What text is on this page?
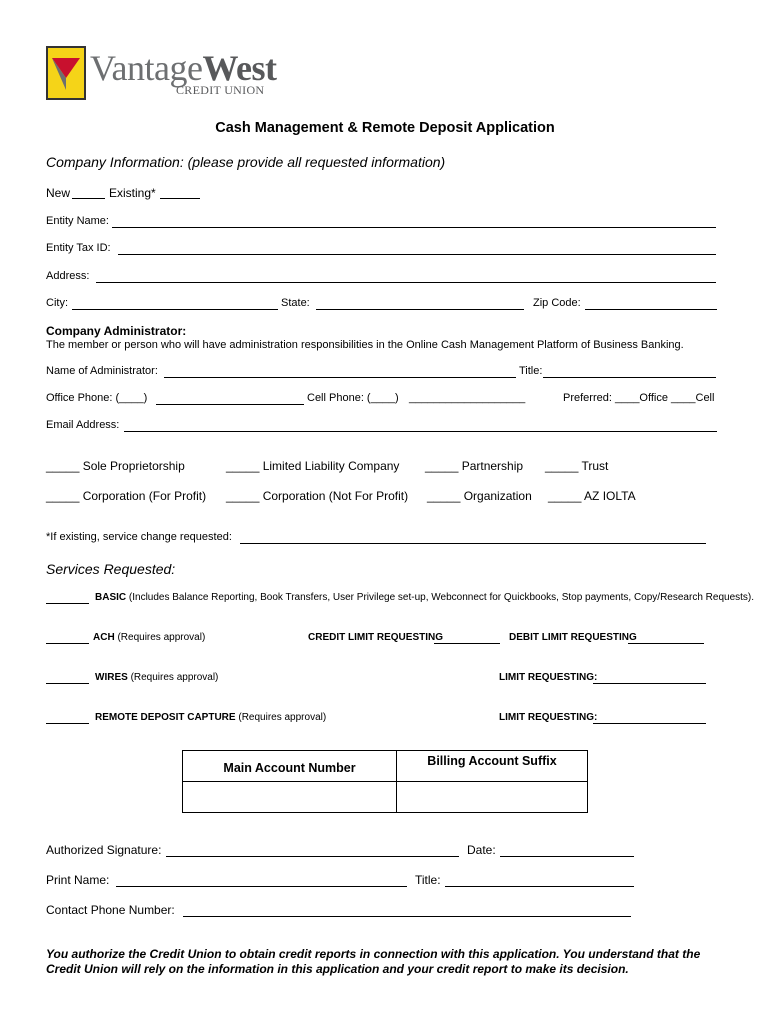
VantageWest
CREDIT UNION
Cash Management & Remote Deposit Application
Company Information: (please provide all requested information)
New	Existing*
Entity Name:
Entity Tax ID:
Address:
City:	State:	Zip Code:
Company Administrator:
The member or person who will have administration responsibilities in the Online Cash Management Platform of Business Banking.
Name of Administrator:	Title:
Office Phone: (____)	Cell Phone: (____) ___________________	Preferred: ____Office ____Cell
Email Address:
_____ Sole Proprietorship	_____ Limited Liability Company _____ Partnership _____ Trust
_____ Corporation (For Profit) _____ Corporation (Not For Profit) _____ Organization _____ AZ IOLTA
*If existing, service change requested:
Services Requested:
BASIC (Includes Balance Reporting, Book Transfers, User Privilege set-up, Webconnect for Quickbooks, Stop payments, Copy/Research Requests).
ACH (Requires approval)	CREDIT LIMIT REQUESTING	DEBIT LIMIT REQUESTING
WIRES (Requires approval)	LIMIT REQUESTING:
REMOTE DEPOSIT CAPTURE (Requires approval)	LIMIT REQUESTING:
Main Account Number	Billing Account Suffix

Authorized Signature:	Date:
Print Name:	Title:
Contact Phone Number:
You authorize the Credit Union to obtain credit reports in connection with this application. You understand that the Credit Union will rely on the information in this application and your credit report to make its decision.
